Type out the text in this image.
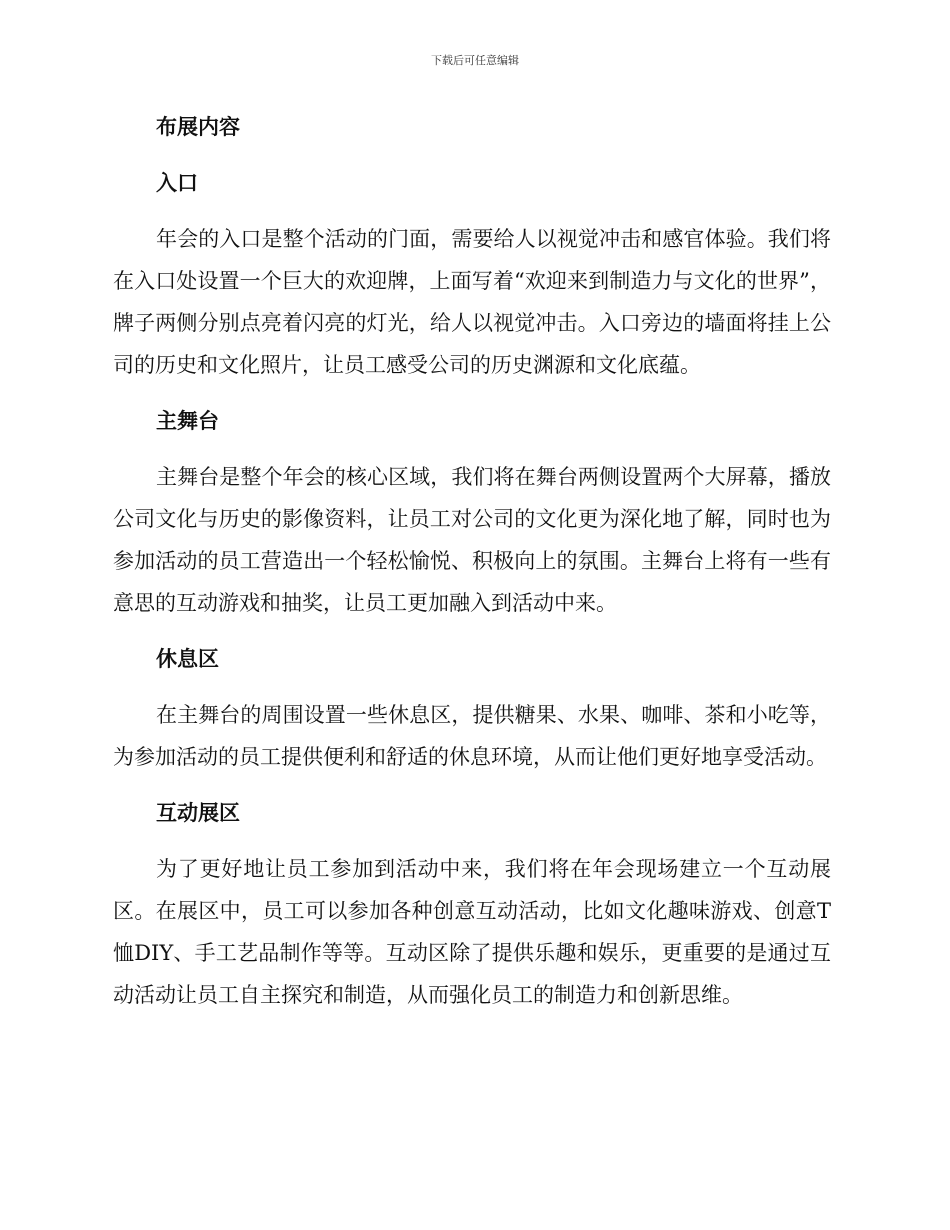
下载后可任意编辑
布展内容
入口

年会的入口是整个活动的门面，需要给人以视觉冲击和感官体验。我们将在入口处设置一个巨大的欢迎牌，上面写着“欢迎来到制造力与文化的世界”，牌子两侧分别点亮着闪亮的灯光，给人以视觉冲击。入口旁边的墙面将挂上公司的历史和文化照片，让员工感受公司的历史渊源和文化底蕴。

主舞台

主舞台是整个年会的核心区域，我们将在舞台两侧设置两个大屏幕，播放公司文化与历史的影像资料，让员工对公司的文化更为深化地了解，同时也为参加活动的员工营造出一个轻松愉悦、积极向上的氛围。主舞台上将有一些有意思的互动游戏和抽奖，让员工更加融入到活动中来。

休息区

在主舞台的周围设置一些休息区，提供糖果、水果、咖啡、茶和小吃等，为参加活动的员工提供便利和舒适的休息环境，从而让他们更好地享受活动。

互动展区

为了更好地让员工参加到活动中来，我们将在年会现场建立一个互动展区。在展区中，员工可以参加各种创意互动活动，比如文化趣味游戏、创意T恤DIY、手工艺品制作等等。互动区除了提供乐趣和娱乐，更重要的是通过互动活动让员工自主探究和制造，从而强化员工的制造力和创新思维。
